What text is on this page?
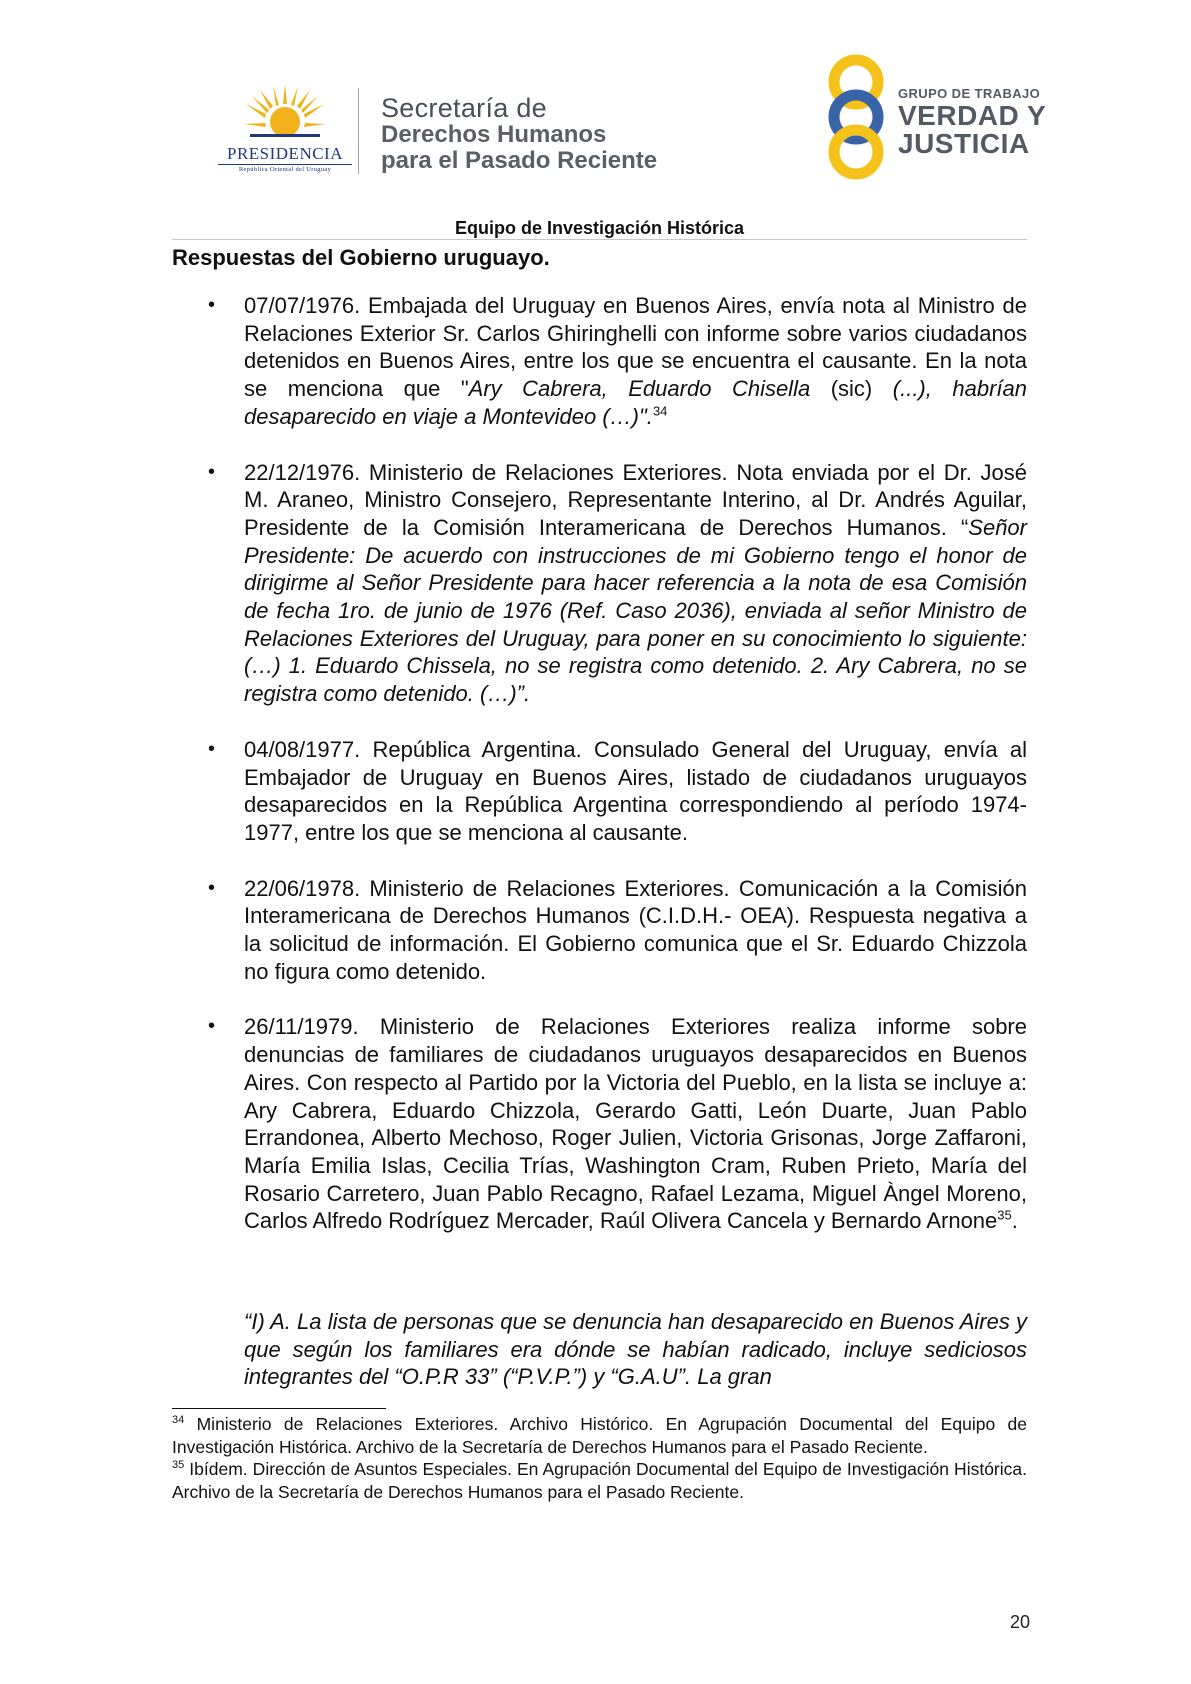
PRESIDENCIA
República Oriental del Uruguay
Secretaría de
Derechos Humanos
para el Pasado Reciente
GRUPO DE TRABAJO
VERDAD Y
JUSTICIA
Equipo de Investigación Histórica
Respuestas del Gobierno uruguayo.
• 07/07/1976. Embajada del Uruguay en Buenos Aires, envía nota al Ministro de Relaciones Exterior Sr. Carlos Ghiringhelli con informe sobre varios ciudadanos detenidos en Buenos Aires, entre los que se encuentra el causante. En la nota se menciona que "Ary Cabrera, Eduardo Chisella (sic) (...), habrían desaparecido en viaje a Montevideo (…)".$^{34}$

• 22/12/1976. Ministerio de Relaciones Exteriores. Nota enviada por el Dr. José M. Araneo, Ministro Consejero, Representante Interino, al Dr. Andrés Aguilar, Presidente de la Comisión Interamericana de Derechos Humanos. “Señor Presidente: De acuerdo con instrucciones de mi Gobierno tengo el honor de dirigirme al Señor Presidente para hacer referencia a la nota de esa Comisión de fecha 1ro. de junio de 1976 (Ref. Caso 2036), enviada al señor Ministro de Relaciones Exteriores del Uruguay, para poner en su conocimiento lo siguiente: (…) 1. Eduardo Chissela, no se registra como detenido. 2. Ary Cabrera, no se registra como detenido. (…)”.

• 04/08/1977. República Argentina. Consulado General del Uruguay, envía al Embajador de Uruguay en Buenos Aires, listado de ciudadanos uruguayos desaparecidos en la República Argentina correspondiendo al período 1974-1977, entre los que se menciona al causante.

• 22/06/1978. Ministerio de Relaciones Exteriores. Comunicación a la Comisión Interamericana de Derechos Humanos (C.I.D.H.- OEA). Respuesta negativa a la solicitud de información. El Gobierno comunica que el Sr. Eduardo Chizzola no figura como detenido.

• 26/11/1979. Ministerio de Relaciones Exteriores realiza informe sobre denuncias de familiares de ciudadanos uruguayos desaparecidos en Buenos Aires. Con respecto al Partido por la Victoria del Pueblo, en la lista se incluye a: Ary Cabrera, Eduardo Chizzola, Gerardo Gatti, León Duarte, Juan Pablo Errandonea, Alberto Mechoso, Roger Julien, Victoria Grisonas, Jorge Zaffaroni, María Emilia Islas, Cecilia Trías, Washington Cram, Ruben Prieto, María del Rosario Carretero, Juan Pablo Recagno, Rafael Lezama, Miguel Àngel Moreno, Carlos Alfredo Rodríguez Mercader, Raúl Olivera Cancela y Bernardo Arnone$^{35}$.

“I) A. La lista de personas que se denuncia han desaparecido en Buenos Aires y que según los familiares era dónde se habían radicado, incluye sediciosos integrantes del “O.P.R 33” (“P.V.P.”) y “G.A.U”. La gran

$^{34}$ Ministerio de Relaciones Exteriores. Archivo Histórico. En Agrupación Documental del Equipo de Investigación Histórica. Archivo de la Secretaría de Derechos Humanos para el Pasado Reciente.

$^{35}$ Ibídem. Dirección de Asuntos Especiales. En Agrupación Documental del Equipo de Investigación Histórica. Archivo de la Secretaría de Derechos Humanos para el Pasado Reciente.

20
